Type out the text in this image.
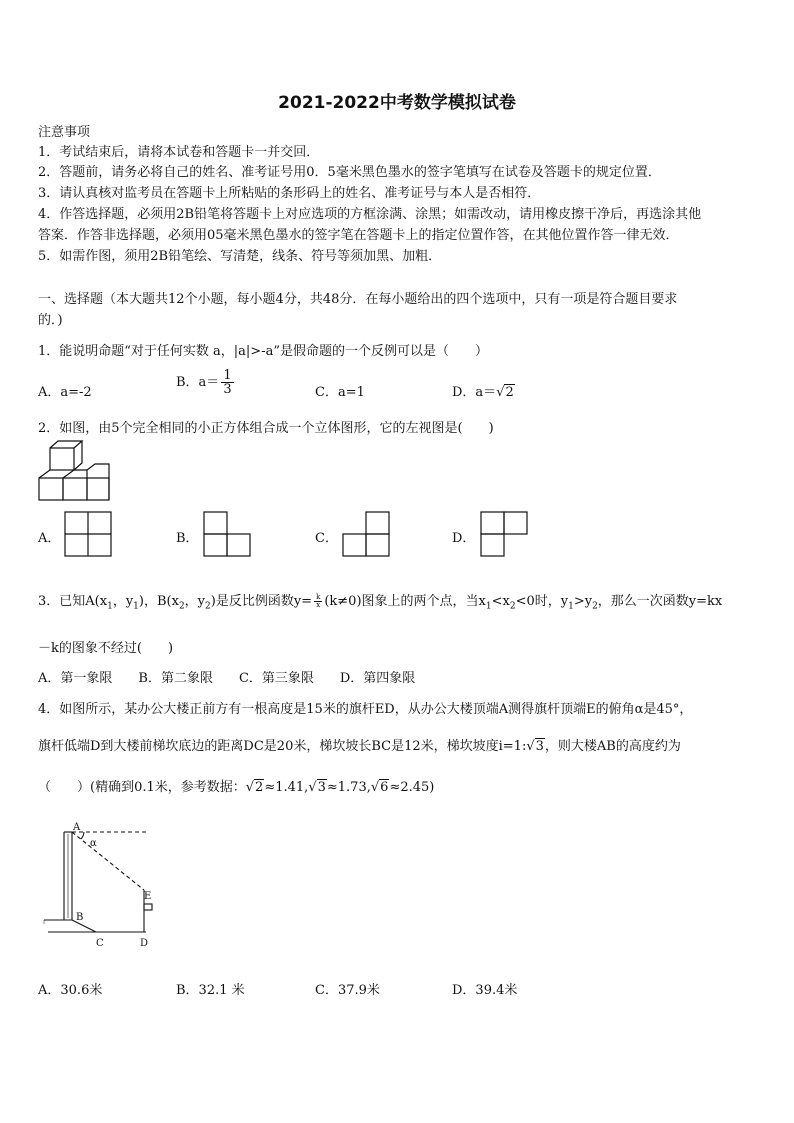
2021-2022中考数学模拟试卷
注意事项
1．考试结束后，请将本试卷和答题卡一并交回．
2．答题前，请务必将自己的姓名、准考证号用0．5毫米黑色墨水的签字笔填写在试卷及答题卡的规定位置．
3．请认真核对监考员在答题卡上所粘贴的条形码上的姓名、准考证号与本人是否相符．
4．作答选择题，必须用2B铅笔将答题卡上对应选项的方框涂满、涂黑；如需改动，请用橡皮擦干净后，再选涂其他
答案．作答非选择题，必须用05毫米黑色墨水的签字笔在答题卡上的指定位置作答，在其他位置作答一律无效．
5．如需作图，须用2B铅笔绘、写清楚，线条、符号等须加黑、加粗．
一、选择题（本大题共12个小题，每小题4分，共48分．在每小题给出的四个选项中，只有一项是符合题目要求
的．)
1．能说明命题“对于任何实数 a，|a|>-a”是假命题的一个反例可以是（　　）
A．a=-2
B．$a= \frac{1}{3}$	C．a=1	D．a＝√2
2．如图，由5个完全相同的小正方体组合成一个立体图形，它的左视图是(　　)
A．	B．	C．	D．
3．已知$A(x_1$，$y_1$)，$B(x_2$，$y_2$)是反比例函数$y= \frac{k}{x} (k\ne 0)$图象上的两个点，当$x_1<x_2<0$时，$y_1>y_2$，那么一次函数y=kx
－k的图象不经过(　　)
A．第一象限　　B．第二象限　　C．第三象限　　D．第四象限
4．如图所示，某办公大楼正前方有一根高度是15米的旗杆ED，从办公大楼顶端A测得旗杆顶端E的俯角α是45°，
旗杆低端D到大楼前梯坎底边的距离DC是20米，梯坎坡长BC是12米，梯坎坡度i=1:√3，则大楼AB的高度约为
（　　）(精确到0.1米，参考数据：√2≈1.41,√3≈1.73,√6≈2.45)
A
α
E
B
C	D
A．30.6米	B．32.1 米	C．37.9米	D．39.4米
